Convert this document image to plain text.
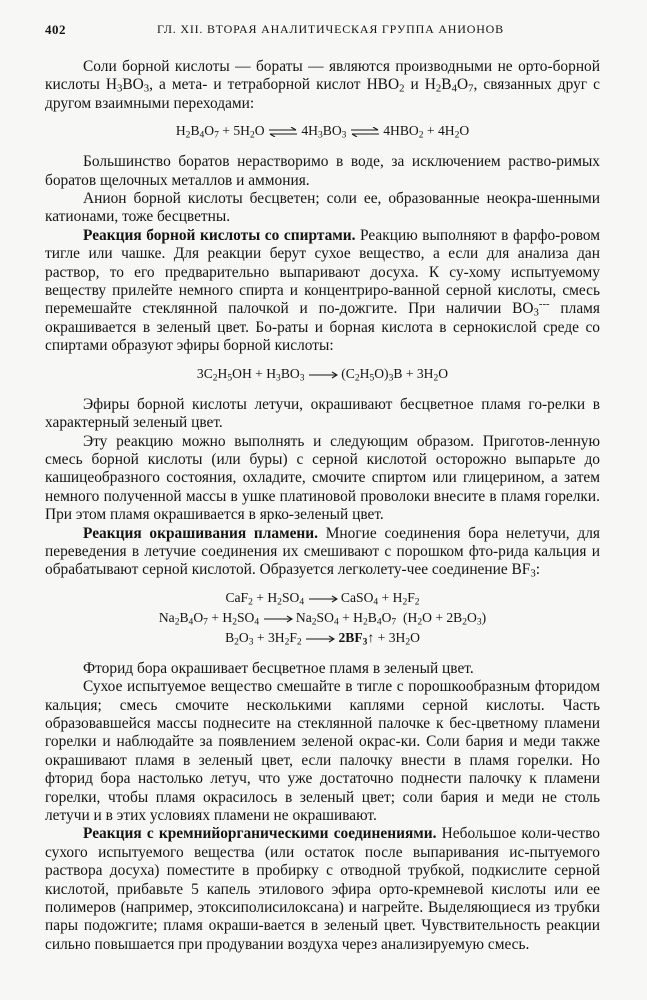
402	ГЛ. XII. ВТОРАЯ АНАЛИТИЧЕСКАЯ ГРУППА АНИОНОВ

Соли борной кислоты — бораты — являются производными не орто-борной кислоты $H_3BO_3$, а мета- и тетраборной кислот $HBO_2$ и $H_2B_4O_7$, связанных друг с другом взаимными переходами:

$H_2B_4O_7 + 5H_2O$ ⇌ $4H_3BO_3$ ⇌ $4HBO_2 + 4H_2O$

Большинство боратов нерастворимо в воде, за исключением раство-римых боратов щелочных металлов и аммония.

Анион борной кислоты бесцветен; соли ее, образованные неокра-шенными катионами, тоже бесцветны.

Реакция борной кислоты со спиртами. Реакцию выполняют в фарфо-ровом тигле или чашке. Для реакции берут сухое вещество, а если для анализа дан раствор, то его предварительно выпаривают досуха. К су-хому испытуемому веществу прилейте немного спирта и концентриро-ванной серной кислоты, смесь перемешайте стеклянной палочкой и по-дожгите. При наличии $BO_3^{---}$ пламя окрашивается в зеленый цвет. Бо-раты и борная кислота в сернокислой среде со спиртами образуют эфиры борной кислоты:

$3C_2H_5OH + H_3BO_3 \to (C_2H_5O)_3B + 3H_2O$

Эфиры борной кислоты летучи, окрашивают бесцветное пламя го-релки в характерный зеленый цвет.

Эту реакцию можно выполнять и следующим образом. Приготов-ленную смесь борной кислоты (или буры) с серной кислотой осторожно выпарьте до кашицеобразного состояния, охладите, смочите спиртом или глицерином, а затем немного полученной массы в ушке платиновой проволоки внесите в пламя горелки. При этом пламя окрашивается в ярко-зеленый цвет.

Реакция окрашивания пламени. Многие соединения бора нелетучи, для переведения в летучие соединения их смешивают с порошком фто-рида кальция и обрабатывают серной кислотой. Образуется легколету-чее соединение $BF_3$:

$CaF_2 + H_2SO_4$ → CaSO$_4$ + $H_2F_2$
$Na_2B_4O_7 + H_2SO_4 \to Na_2SO_4 + H_2B_4O_7$ $(H_2O + 2B_2O_3)$
$B_2O_3 + 3H_2F_2$ → $2BF_3↑ + 3H_2O$

Фторид бора окрашивает бесцветное пламя в зеленый цвет.

Сухое испытуемое вещество смешайте в тигле с порошкообразным фторидом кальция; смесь смочите несколькими каплями серной кислоты. Часть образовавшейся массы поднесите на стеклянной палочке к бес-цветному пламени горелки и наблюдайте за появлением зеленой окрас-ки. Соли бария и меди также окрашивают пламя в зеленый цвет, если палочку внести в пламя горелки. Но фторид бора настолько летуч, что уже достаточно поднести палочку к пламени горелки, чтобы пламя окрасилось в зеленый цвет; соли бария и меди не столь летучи и в этих условиях пламени не окрашивают.

Реакция с кремнийорганическими соединениями. Небольшое коли-чество сухого испытуемого вещества (или остаток после выпаривания ис-пытуемого раствора досуха) поместите в пробирку с отводной трубкой, подкислите серной кислотой, прибавьте 5 капель этилового эфира орто-кремневой кислоты или ее полимеров (например, этоксиполисилоксана) и нагрейте. Выделяющиеся из трубки пары подожгите; пламя окраши-вается в зеленый цвет. Чувствительность реакции сильно повышается при продувании воздуха через анализируемую смесь.
